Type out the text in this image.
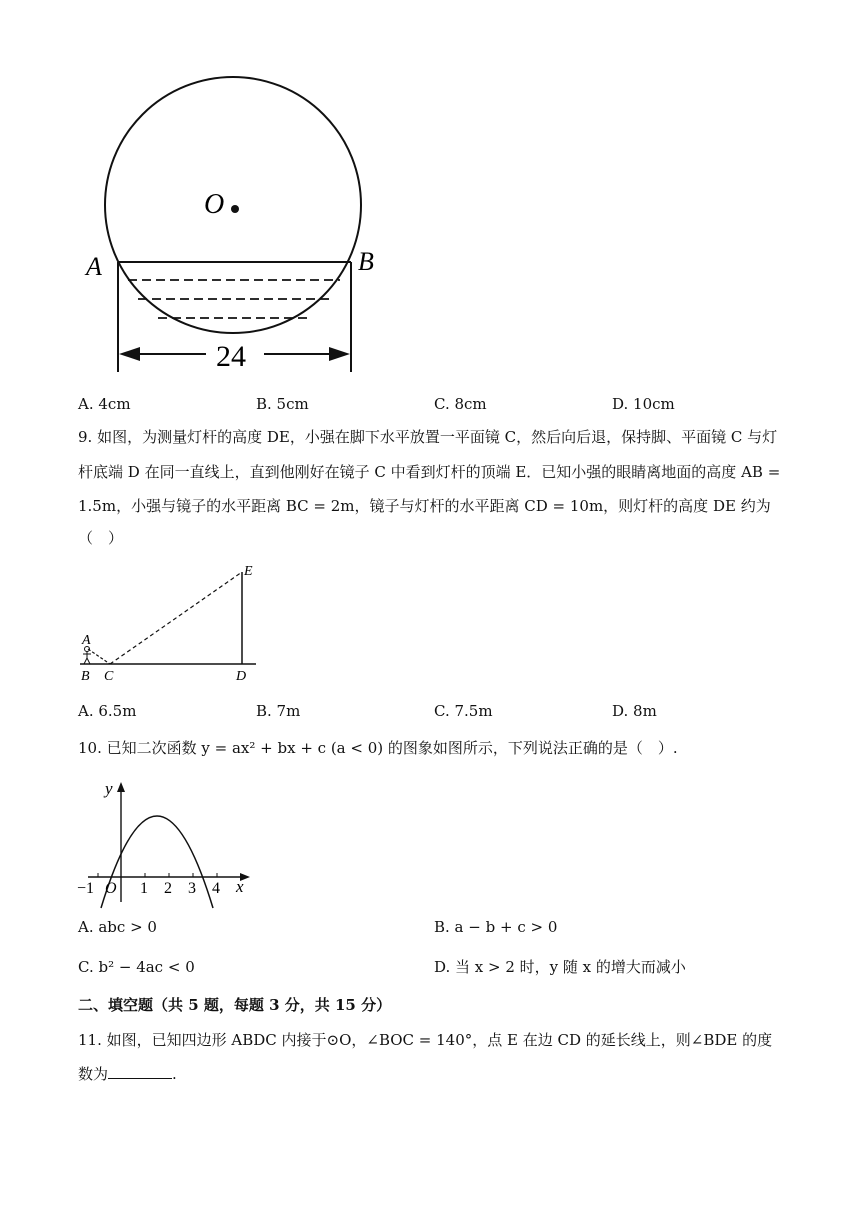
O
A	B
24
A. 4cm	B. 5cm	C. 8cm	D. 10cm
9. 如图，为测量灯杆的高度 DE，小强在脚下水平放置一平面镜 C，然后向后退，保持脚、平面镜 C 与灯
杆底端 D 在同一直线上，直到他刚好在镜子 C 中看到灯杆的顶端 E．已知小强的眼睛离地面的高度 AB =
1.5m，小强与镜子的水平距离 BC = 2m，镜子与灯杆的水平距离 CD = 10m，则灯杆的高度 DE 约为
（　）
A
B C	D
E
A. 6.5m	B. 7m	C. 7.5m	D. 8m
10. 已知二次函数 y = ax² + bx + c (a < 0) 的图象如图所示，下列说法正确的是（　）.
y
x
O
−1	1 2 3 4
A. abc > 0	B. a − b + c > 0
C. b² − 4ac < 0	D. 当 x > 2 时，y 随 x 的增大而减小
二、填空题（共 5 题，每题 3 分，共 15 分）
11. 如图，已知四边形 ABDC 内接于⊙O，∠BOC = 140°，点 E 在边 CD 的延长线上，则∠BDE 的度
数为	.
